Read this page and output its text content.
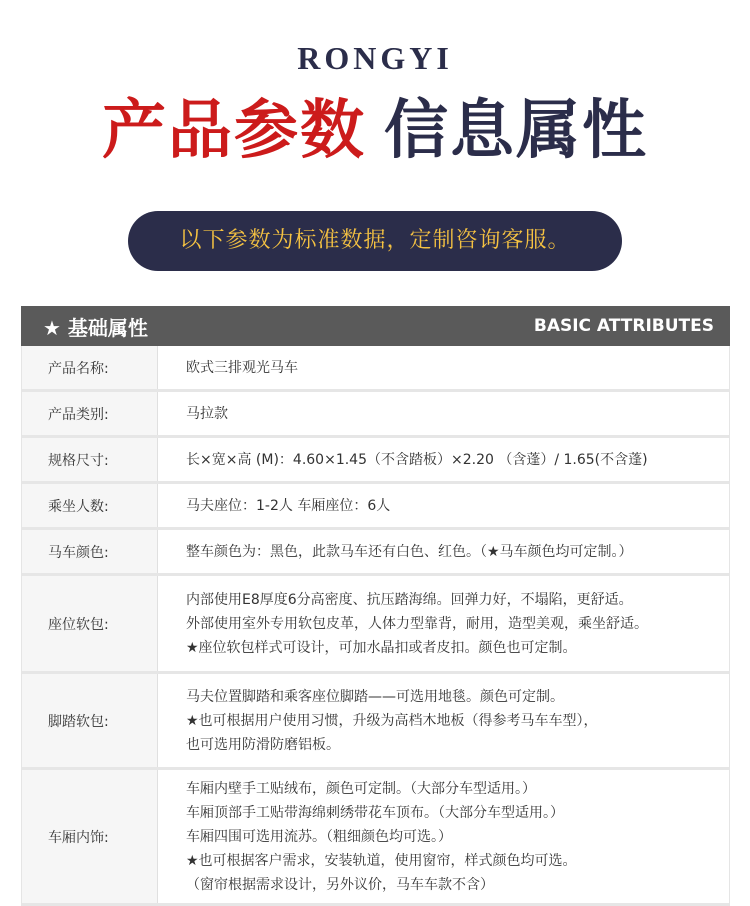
RONGYI
产品参数 信息属性
以下参数为标准数据，定制咨询客服。
★ 基础属性	BASIC ATTRIBUTES
产品名称:	欧式三排观光马车
产品类别:	马拉款
规格尺寸:	长×宽×高 (M)：4.60×1.45（不含踏板）×2.20 （含蓬）/ 1.65(不含蓬)
乘坐人数:	马夫座位：1-2人 车厢座位：6人
马车颜色:	整车颜色为：黑色，此款马车还有白色、红色。（★马车颜色均可定制。）
座位软包:
内部使用E8厚度6分高密度、抗压踏海绵。回弹力好，不塌陷，更舒适。
外部使用室外专用软包皮革，人体力型靠背，耐用，造型美观，乘坐舒适。
★座位软包样式可设计，可加水晶扣或者皮扣。颜色也可定制。
脚踏软包:
马夫位置脚踏和乘客座位脚踏——可选用地毯。颜色可定制。
★也可根据用户使用习惯，升级为高档木地板（得参考马车车型），
也可选用防滑防磨铝板。
车厢内饰:
车厢内壁手工贴绒布，颜色可定制。（大部分车型适用。）
车厢顶部手工贴带海绵刺绣带花车顶布。（大部分车型适用。）
车厢四围可选用流苏。（粗细颜色均可选。）
★也可根据客户需求，安装轨道，使用窗帘，样式颜色均可选。
（窗帘根据需求设计，另外议价，马车车款不含）
